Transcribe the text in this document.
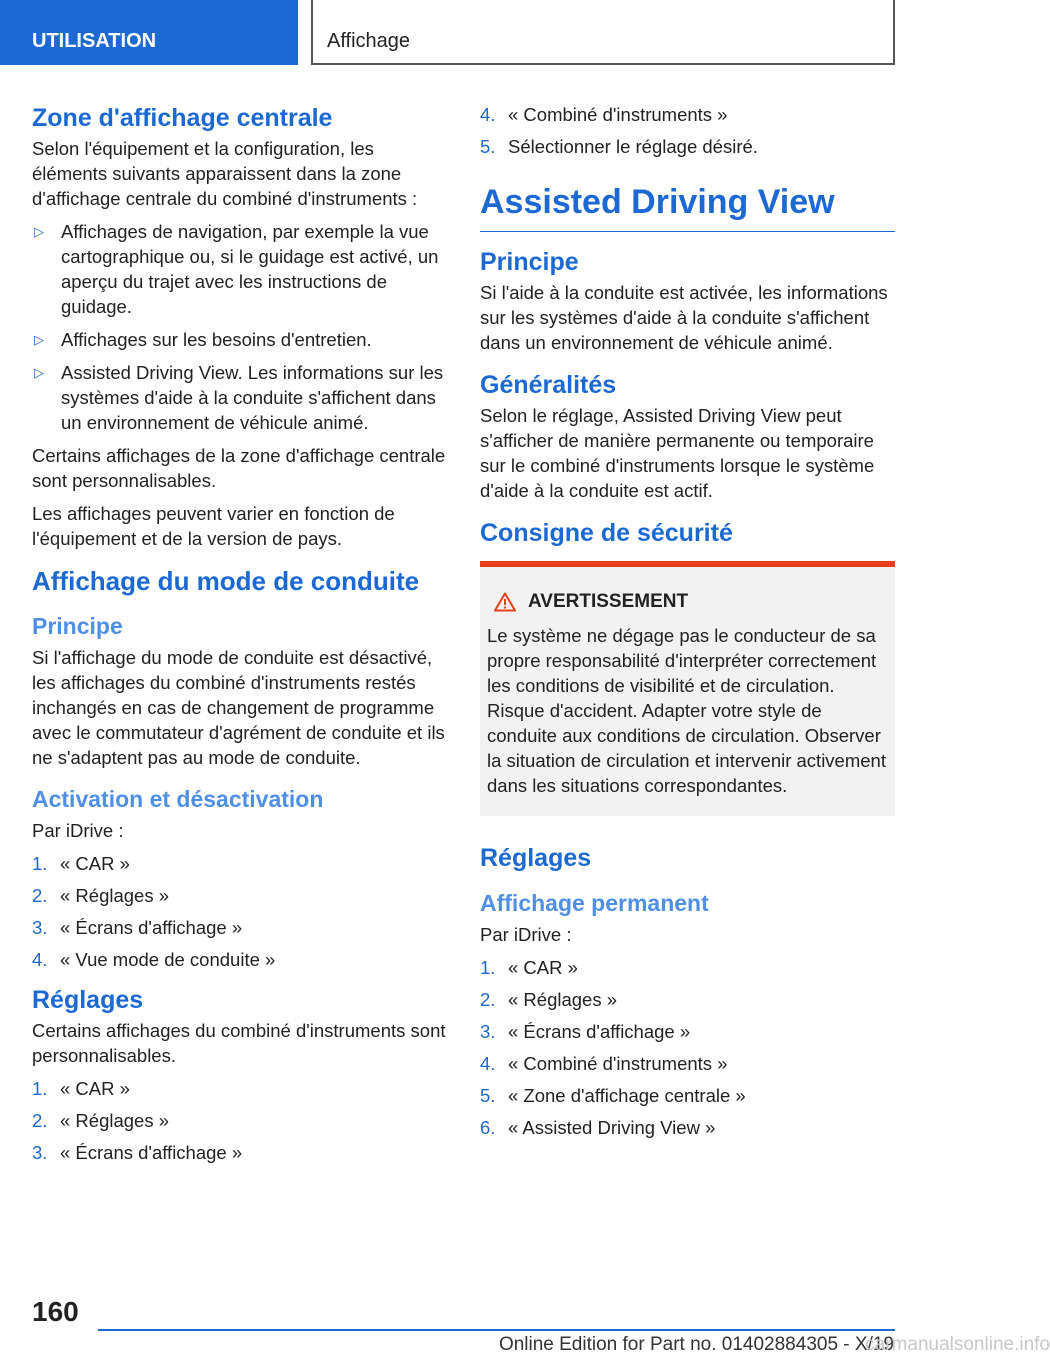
UTILISATION	Affichage
Zone d'affichage centrale

Selon l'équipement et la configuration, les éléments suivants apparaissent dans la zone d'affichage centrale du combiné d'instruments :

▷ Affichages de navigation, par exemple la vue cartographique ou, si le guidage est activé, un aperçu du trajet avec les instructions de guidage.
▷ Affichages sur les besoins d'entretien.
▷ Assisted Driving View. Les informations sur les systèmes d'aide à la conduite s'affichent dans un environnement de véhicule animé.

Certains affichages de la zone d'affichage centrale sont personnalisables.

Les affichages peuvent varier en fonction de l'équipement et de la version de pays.

Affichage du mode de conduite
Principe

Si l'affichage du mode de conduite est désactivé, les affichages du combiné d'instruments restés inchangés en cas de changement de programme avec le commutateur d'agrément de conduite et ils ne s'adaptent pas au mode de conduite.

Activation et désactivation

Par iDrive :

1. « CAR »
2. « Réglages »
3. « Écrans d'affichage »
4. « Vue mode de conduite »
Réglages

Certains affichages du combiné d'instruments sont personnalisables.

1. « CAR »
2. « Réglages »
3. « Écrans d'affichage »
4. « Combiné d'instruments »
5. Sélectionner le réglage désiré.
Assisted Driving View
Principe

Si l'aide à la conduite est activée, les informations sur les systèmes d'aide à la conduite s'affichent dans un environnement de véhicule animé.

Généralités

Selon le réglage, Assisted Driving View peut s'afficher de manière permanente ou temporaire sur le combiné d'instruments lorsque le système d'aide à la conduite est actif.

Consigne de sécurité
AVERTISSEMENT

Le système ne dégage pas le conducteur de sa propre responsabilité d'interpréter correctement les conditions de visibilité et de circulation. Risque d'accident. Adapter votre style de conduite aux conditions de circulation. Observer la situation de circulation et intervenir activement dans les situations correspondantes.

Réglages
Affichage permanent

Par iDrive :

1. « CAR »
2. « Réglages »
3. « Écrans d'affichage »
4. « Combiné d'instruments »
5. « Zone d'affichage centrale »
6. « Assisted Driving View »
160
Online Edition for Part no. 01402884305 - X/19
carmanualsonline.info
